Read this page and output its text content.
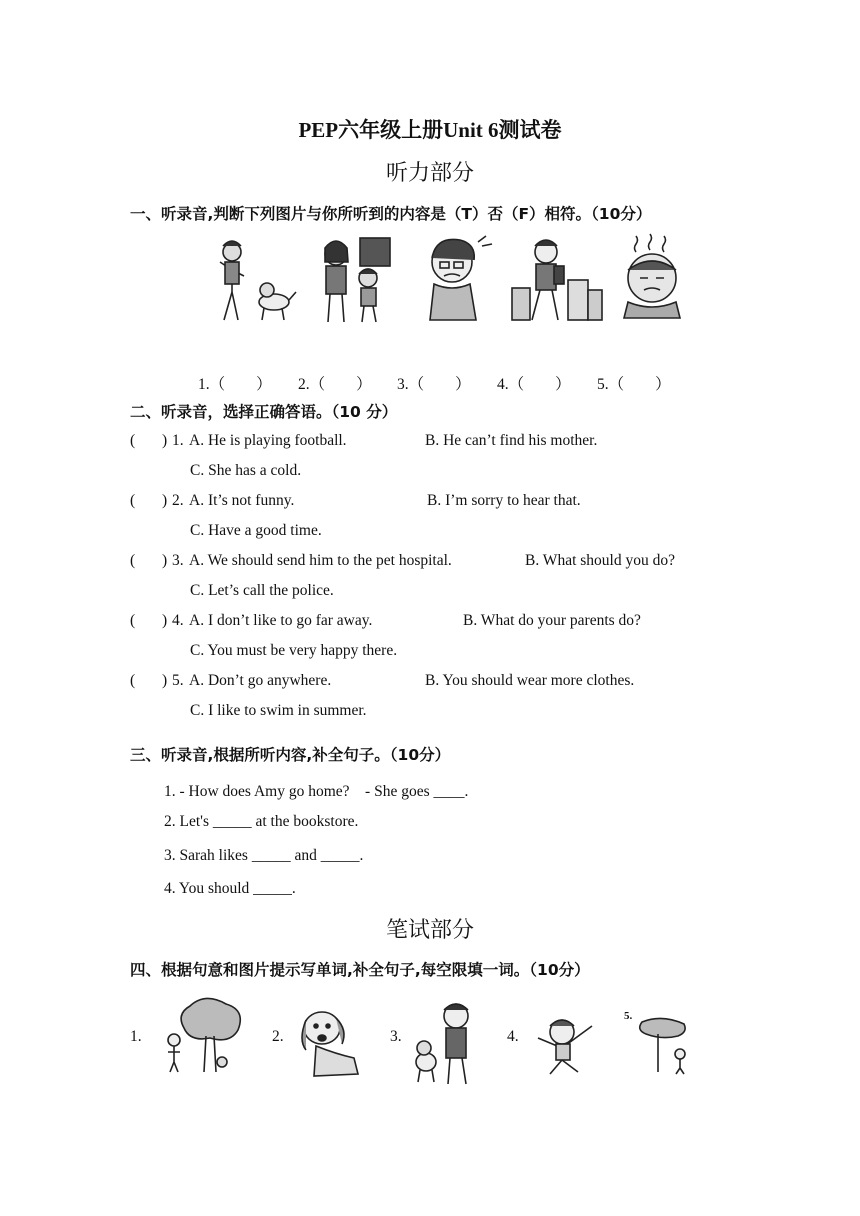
PEP六年级上册Unit 6测试卷
听力部分
一、听录音,判断下列图片与你所听到的内容是（T）否（F）相符。（10分）
1.（　　） 2.（　　） 3.（　　） 4.（　　） 5.（　　）
二、听录音，选择正确答语。（10 分）
( ) 1. A. He is playing football.	B. He can’t find his mother.
C. She has a cold.
( ) 2. A. It’s not funny.	B. I’m sorry to hear that.
C. Have a good time.
( ) 3. A. We should send him to the pet hospital.	B. What should you do?
C. Let’s call the police.
( ) 4. A. I don’t like to go far away.	B. What do your parents do?
C. You must be very happy there.
( ) 5. A. Don’t go anywhere.	B. You should wear more clothes.
C. I like to swim in summer.
三、听录音,根据所听内容,补全句子。（10分）
1. - How does Amy go home?　- She goes ____.
2. Let's _____ at the bookstore.
3. Sarah likes _____ and _____.
4. You should _____.
笔试部分
四、根据句意和图片提示写单词,补全句子,每空限填一词。（10分）
1.	2.	3.	4.
5.
